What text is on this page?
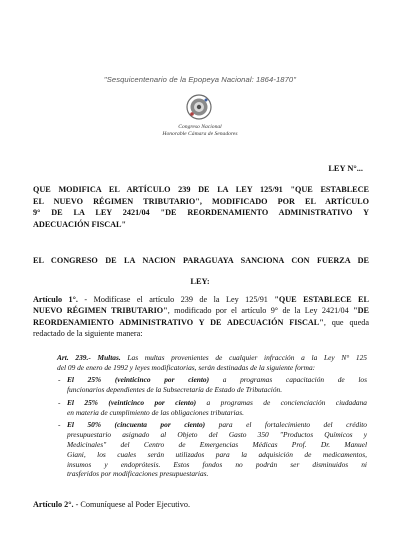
"Sesquicentenario de la Epopeya Nacional: 1864-1870"
Congreso Nacional
Honorable Cámara de Senadores
LEY N°...
QUE MODIFICA EL ARTÍCULO 239 DE LA LEY 125/91 "QUE ESTABLECE
EL NUEVO RÉGIMEN TRIBUTARIO", MODIFICADO POR EL ARTÍCULO
9° DE LA LEY 2421/04 "DE REORDENAMIENTO ADMINISTRATIVO Y
ADECUACIÓN FISCAL"
EL CONGRESO DE LA NACION PARAGUAYA SANCIONA CON FUERZA DE
LEY:
Artículo 1°. - Modifícase el artículo 239 de la Ley 125/91 "QUE ESTABLECE EL
NUEVO RÉGIMEN TRIBUTARIO", modificado por el artículo 9° de la Ley 2421/04 "DE
REORDENAMIENTO ADMINISTRATIVO Y DE ADECUACIÓN FISCAL", que queda
redactado de la siguiente manera:
Art. 239.- Multas. Las multas provenientes de cualquier infracción a la Ley N° 125
del 09 de enero de 1992 y leyes modificatorias, serán destinadas de la siguiente forma:
- El 25% (veinticinco por ciento) a programas capacitación de los
funcionarios dependientes de la Subsecretaría de Estado de Tributación.
- El 25% (veinticinco por ciento) a programas de concienciación ciudadana
en materia de cumplimiento de las obligaciones tributarias.
- El 50% (cincuenta por ciento) para el fortalecimiento del crédito
presupuestario asignado al Objeto del Gasto 350 "Productos Químicos y
Medicinales" del Centro de Emergencias Médicas Prof. Dr. Manuel
Giani, los cuales serán utilizados para la adquisición de medicamentos,
insumos y endoprótesis. Estos fondos no podrán ser disminuidos ni
trasferidos por modificaciones presupuestarias.
Artículo 2°. - Comuníquese al Poder Ejecutivo.
